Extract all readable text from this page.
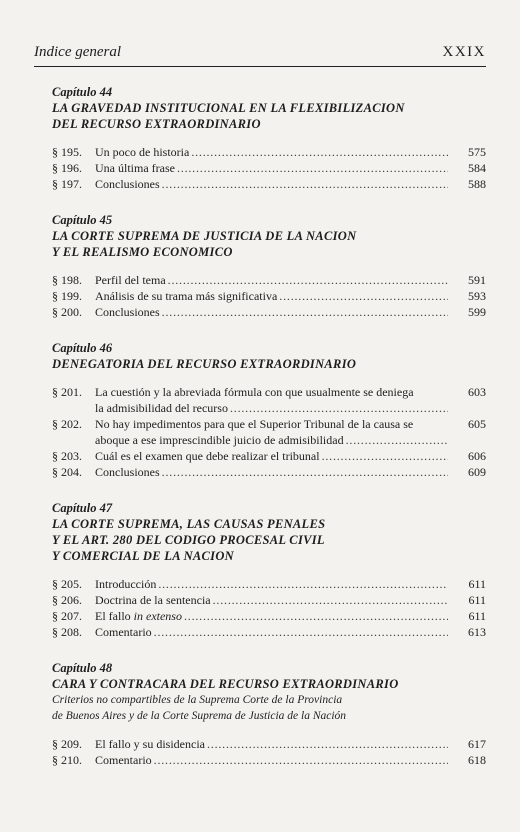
Indice general	XXIX
Capítulo 44
LA GRAVEDAD INSTITUCIONAL EN LA FLEXIBILIZACION
DEL RECURSO EXTRAORDINARIO
§ 195.	Un poco de historia .....	575
§ 196.	Una última frase .....	584
§ 197.	Conclusiones .....	588
Capítulo 45
LA CORTE SUPREMA DE JUSTICIA DE LA NACION
Y EL REALISMO ECONOMICO
§ 198.	Perfil del tema .....	591
§ 199.	Análisis de su trama más significativa .....	593
§ 200.	Conclusiones .....	599
Capítulo 46
DENEGATORIA DEL RECURSO EXTRAORDINARIO
§ 201.	La cuestión y la abreviada fórmula con que usualmente se deniega
la admisibilidad del recurso
.....
603
§ 202.	No hay impedimentos para que el Superior Tribunal de la causa se
aboque a ese imprescindible juicio de admisibilidad
.....
605
§ 203.	Cuál es el examen que debe realizar el tribunal .....	606
§ 204.	Conclusiones .....	609
Capítulo 47
LA CORTE SUPREMA, LAS CAUSAS PENALES
Y EL ART. 280 DEL CODIGO PROCESAL CIVIL
Y COMERCIAL DE LA NACION
§ 205.	Introducción .....	611
§ 206.	Doctrina de la sentencia .....	611
§ 207.	El fallo in extenso .....	611
§ 208.	Comentario .....	613
Capítulo 48
CARA Y CONTRACARA DEL RECURSO EXTRAORDINARIO
Criterios no compartibles de la Suprema Corte de la Provincia
de Buenos Aires y de la Corte Suprema de Justicia de la Nación
§ 209.	El fallo y su disidencia .....	617
§ 210.	Comentario .....	618
